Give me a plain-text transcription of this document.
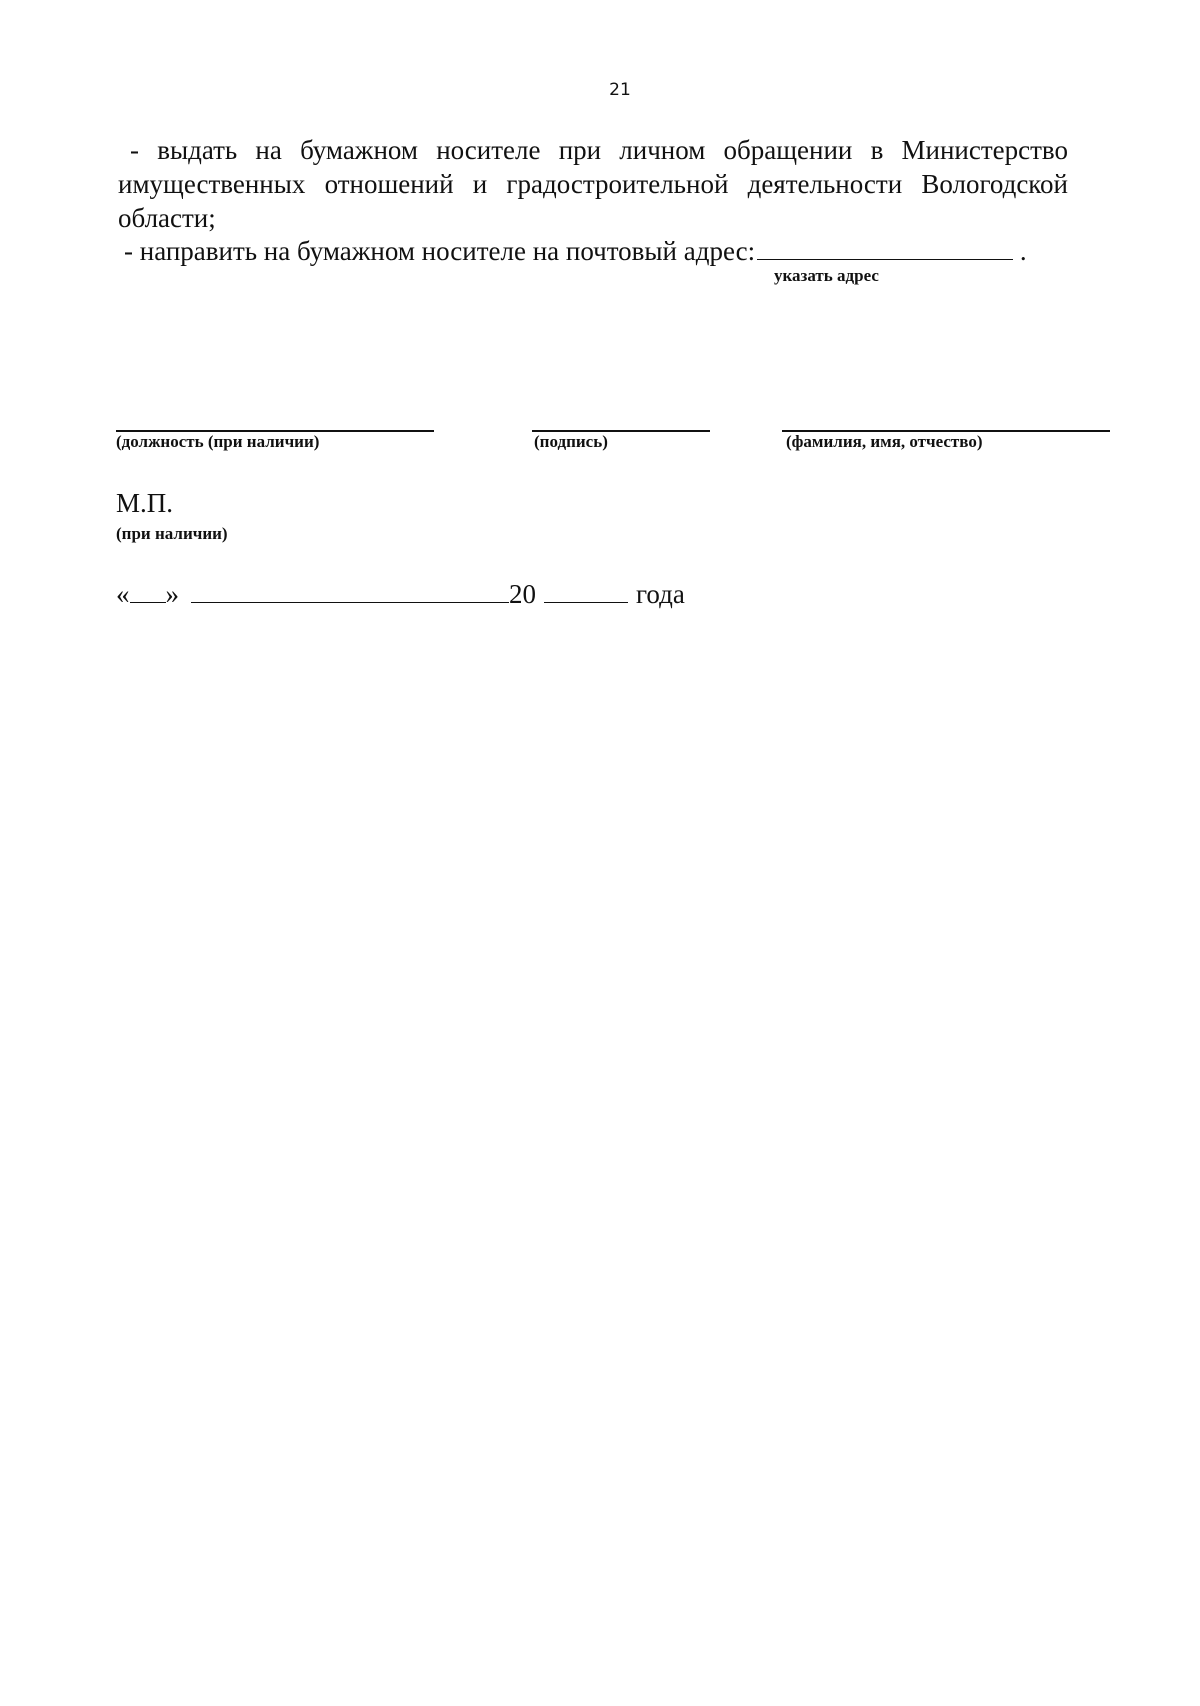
21
- выдать на бумажном носителе при личном обращении в Министерство имущественных отношений и градостроительной деятельности Вологодской области;
- направить на бумажном носителе на почтовый адрес:	.
указать адрес
(должность (при наличии)	(подпись)	(фамилия, имя, отчество)
М.П.
(при наличии)
« »	20	года
